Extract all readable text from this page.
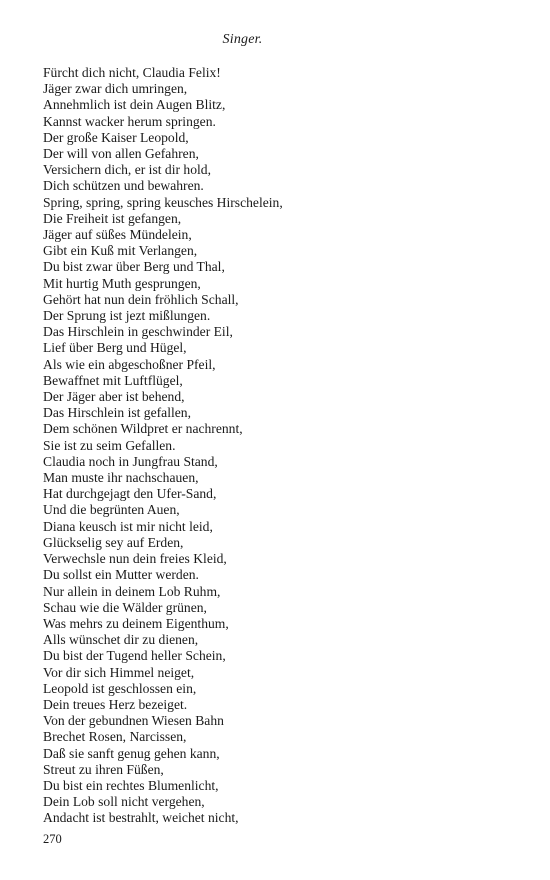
Singer.
Fürcht dich nicht, Claudia Felix!
Jäger zwar dich umringen,
Annehmlich ist dein Augen Blitz,
Kannst wacker herum springen.
Der große Kaiser Leopold,
Der will von allen Gefahren,
Versichern dich, er ist dir hold,
Dich schützen und bewahren.
Spring, spring, spring keusches Hirschelein,
Die Freiheit ist gefangen,
Jäger auf süßes Mündelein,
Gibt ein Kuß mit Verlangen,
Du bist zwar über Berg und Thal,
Mit hurtig Muth gesprungen,
Gehört hat nun dein fröhlich Schall,
Der Sprung ist jezt mißlungen.
Das Hirschlein in geschwinder Eil,
Lief über Berg und Hügel,
Als wie ein abgeschoßner Pfeil,
Bewaffnet mit Luftflügel,
Der Jäger aber ist behend,
Das Hirschlein ist gefallen,
Dem schönen Wildpret er nachrennt,
Sie ist zu seim Gefallen.
Claudia noch in Jungfrau Stand,
Man muste ihr nachschauen,
Hat durchgejagt den Ufer-Sand,
Und die begrünten Auen,
Diana keusch ist mir nicht leid,
Glückselig sey auf Erden,
Verwechsle nun dein freies Kleid,
Du sollst ein Mutter werden.
Nur allein in deinem Lob Ruhm,
Schau wie die Wälder grünen,
Was mehrs zu deinem Eigenthum,
Alls wünschet dir zu dienen,
Du bist der Tugend heller Schein,
Vor dir sich Himmel neiget,
Leopold ist geschlossen ein,
Dein treues Herz bezeiget.
Von der gebundnen Wiesen Bahn
Brechet Rosen, Narcissen,
Daß sie sanft genug gehen kann,
Streut zu ihren Füßen,
Du bist ein rechtes Blumenlicht,
Dein Lob soll nicht vergehen,
Andacht ist bestrahlt, weichet nicht,
270
